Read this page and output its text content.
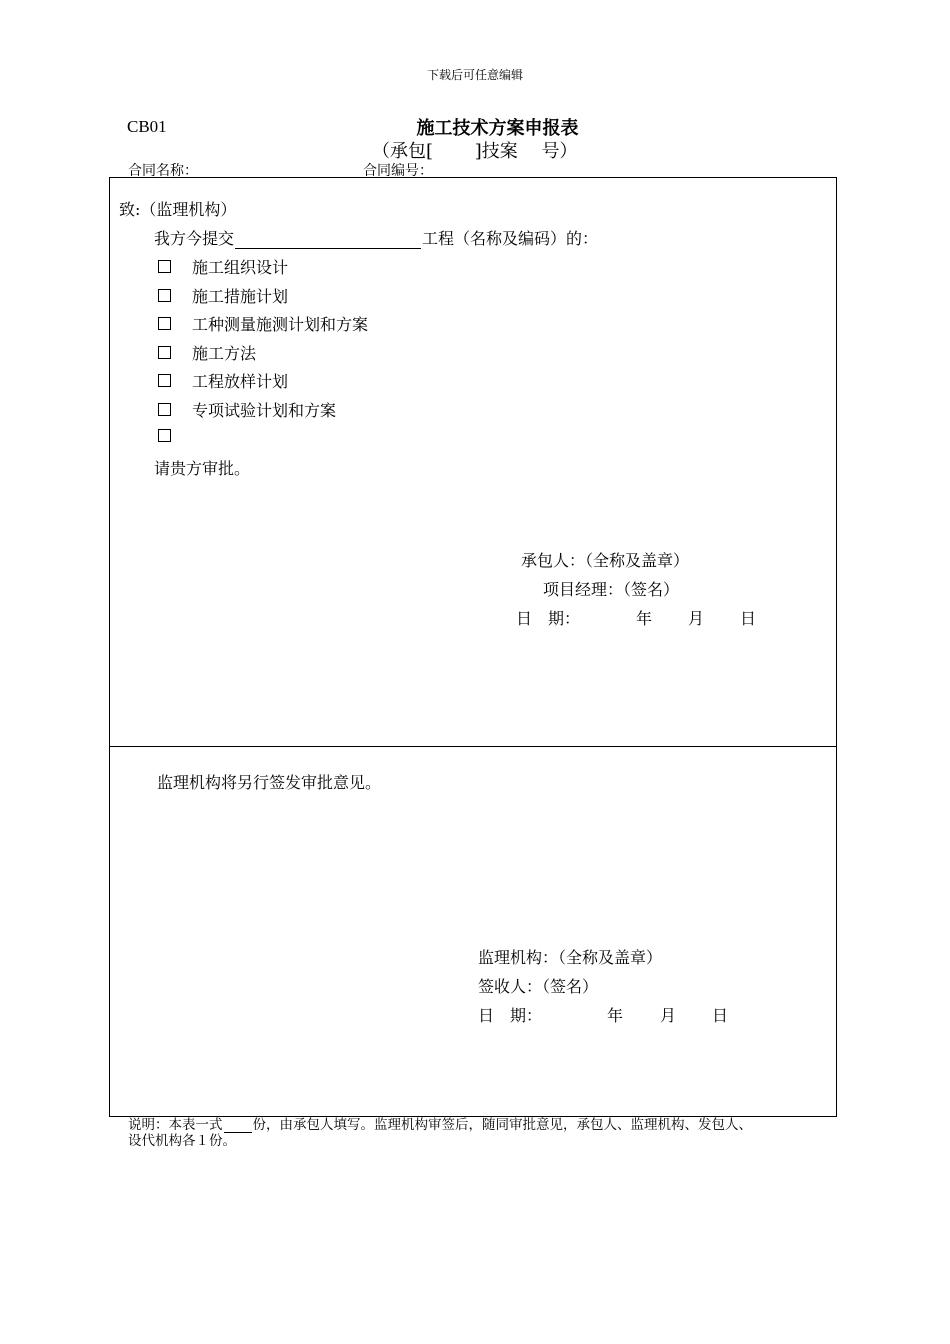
下载后可任意编辑
CB01	施工技术方案申报表
（承包[　　 ]技案　 号）
合同名称：	合同编号：
致:（监理机构）
我方今提交	工程（名称及编码）的：
施工组织设计
施工措施计划
工种测量施测计划和方案
施工方法
工程放样计划
专项试验计划和方案
请贵方审批。
承包人：（全称及盖章）
项目经理：（签名）
日　期：	年 月 日
监理机构将另行签发审批意见。
监理机构：（全称及盖章）
签收人：（签名）
日　期：	年 月 日
说明：本表一式 份，由承包人填写。监理机构审签后，随同审批意见，承包人、监理机构、发包人、
设代机构各１份。
